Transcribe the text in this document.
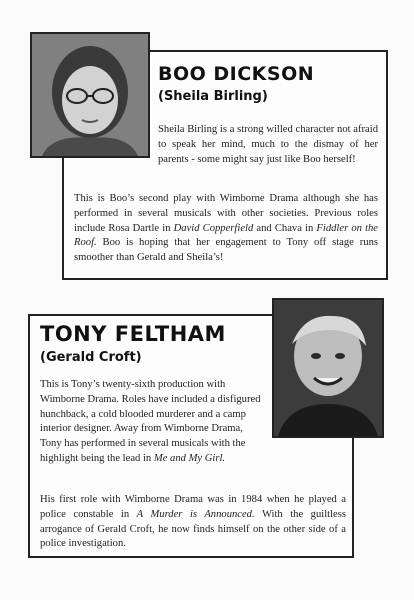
BOO DICKSON
(Sheila Birling)

Sheila Birling is a strong willed character not afraid to speak her mind, much to the dismay of her parents - some might say just like Boo herself!

This is Boo’s second play with Wimborne Drama although she has performed in several musicals with other societies. Previous roles include Rosa Dartle in David Copperfield and Chava in Fiddler on the Roof. Boo is hoping that her engagement to Tony off stage runs smoother than Gerald and Sheila’s!

TONY FELTHAM
(Gerald Croft)

This is Tony’s twenty-sixth production with Wimborne Drama. Roles have included a disfigured hunchback, a cold blooded murderer and a camp interior designer. Away from Wimborne Drama, Tony has performed in several musicals with the highlight being the lead in Me and My Girl.

His first role with Wimborne Drama was in 1984 when he played a police constable in A Murder is Announced. With the guiltless arrogance of Gerald Croft, he now finds himself on the other side of a police investigation.
